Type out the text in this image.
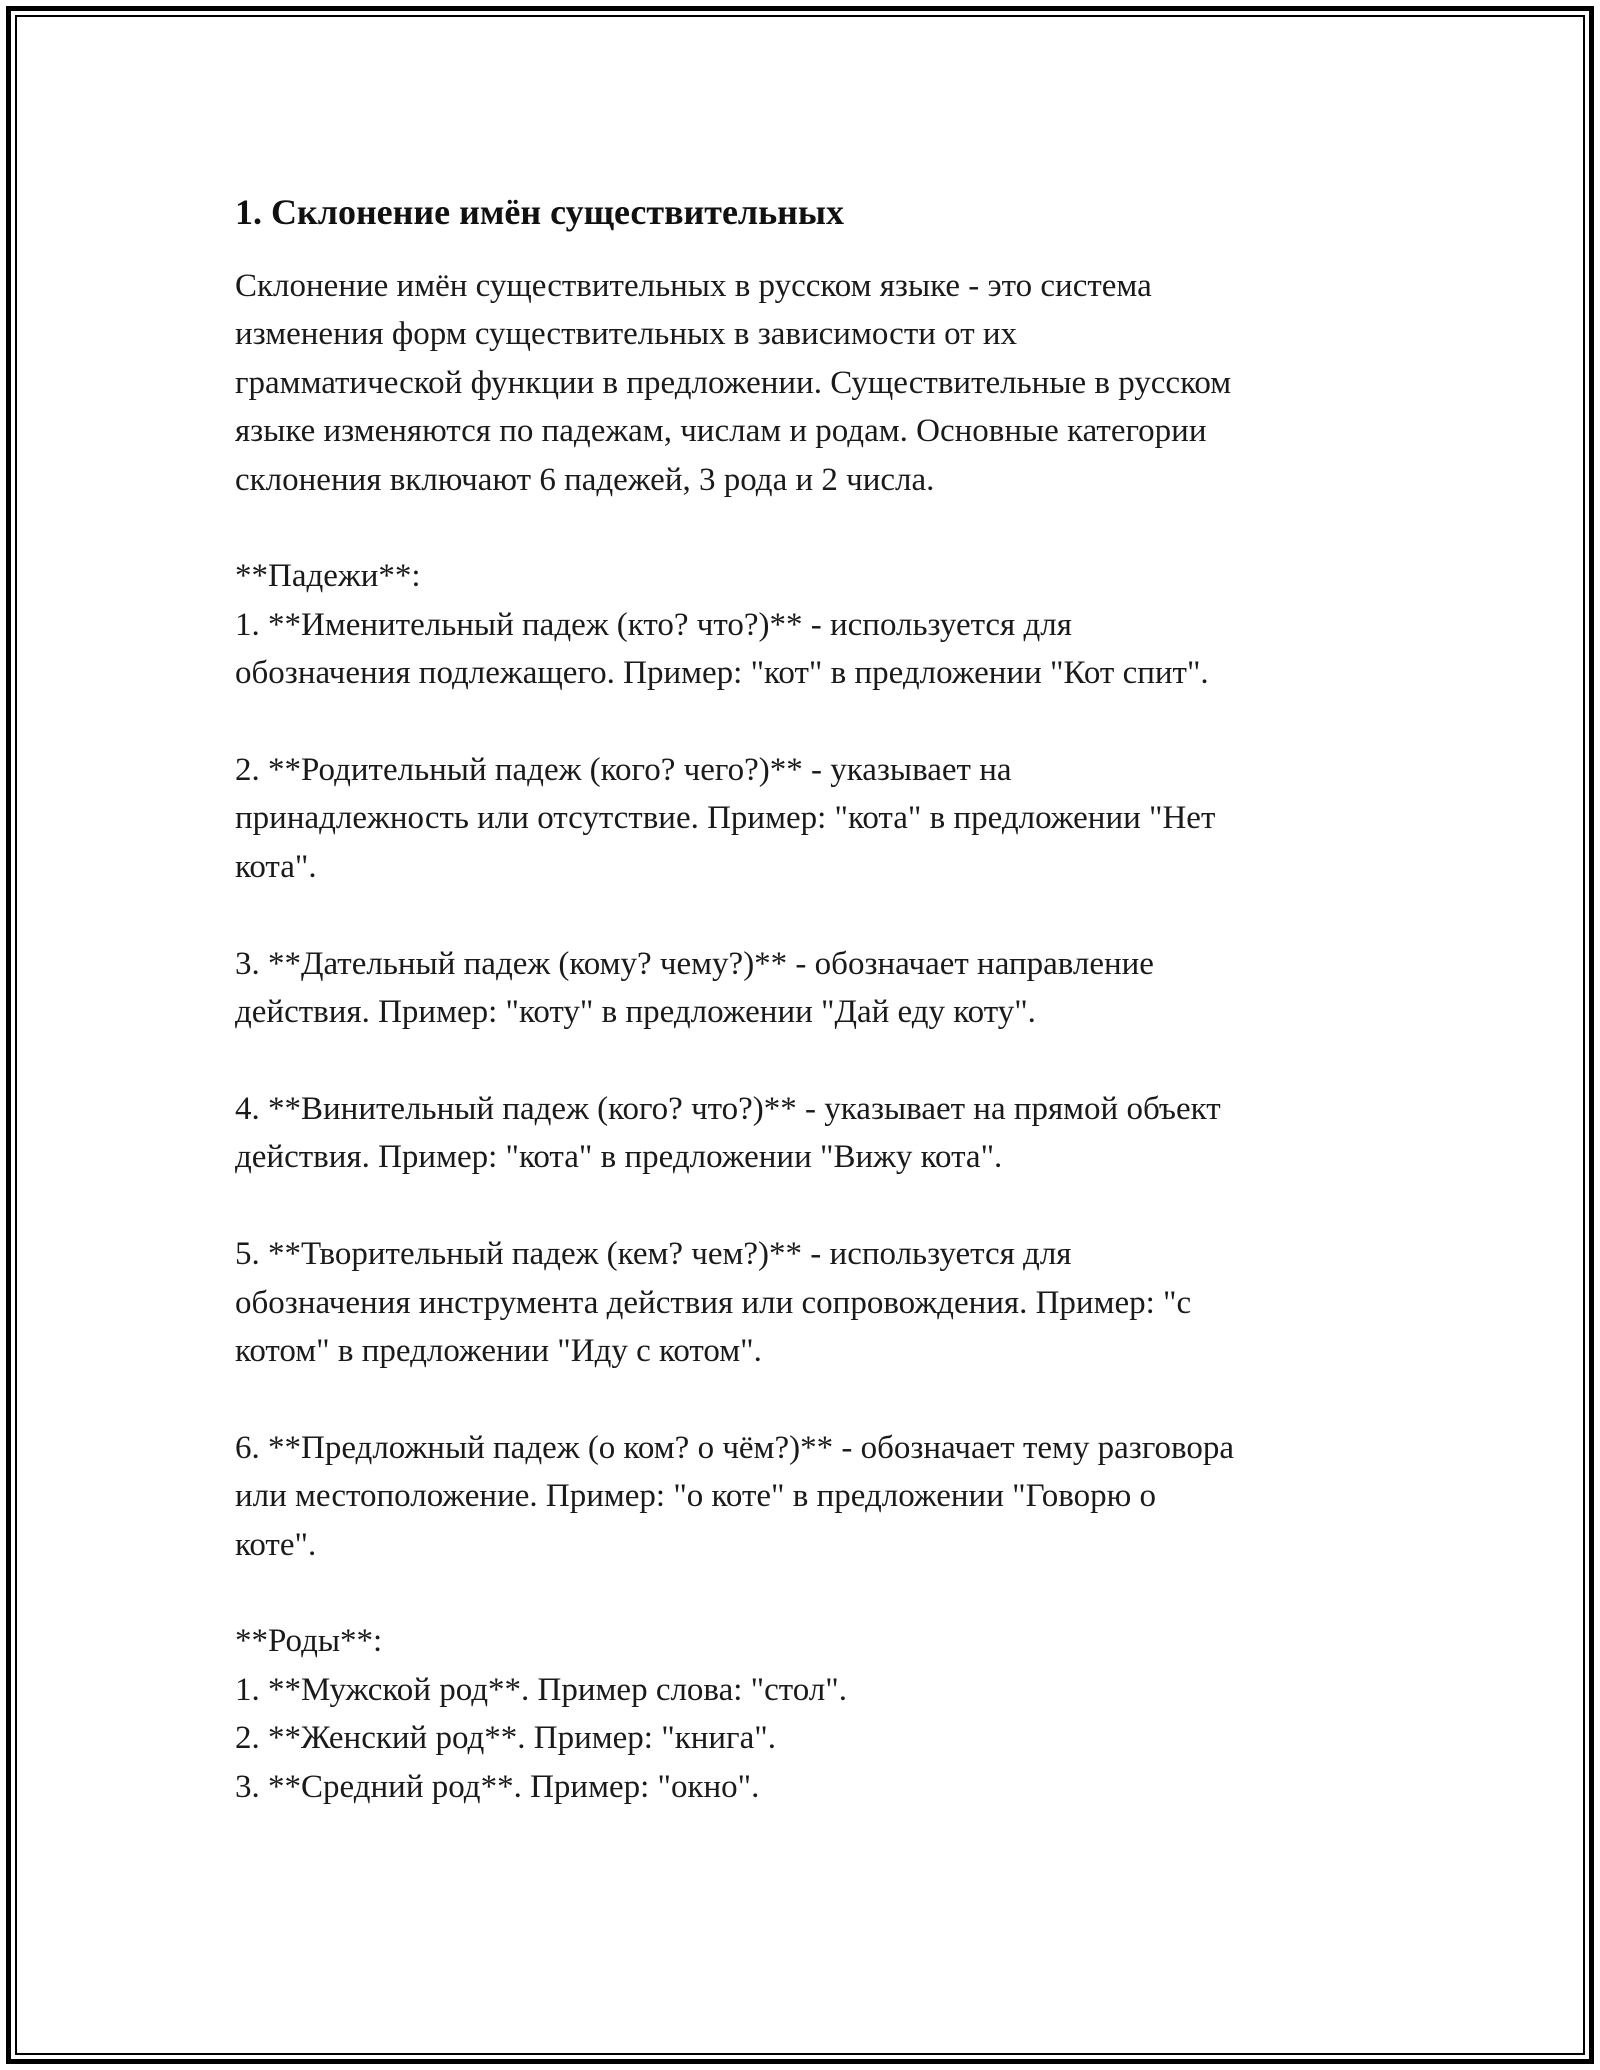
1. Склонение имён существительных
Склонение имён существительных в русском языке - это система
изменения форм существительных в зависимости от их
грамматической функции в предложении. Существительные в русском
языке изменяются по падежам, числам и родам. Основные категории
склонения включают 6 падежей, 3 рода и 2 числа.

**Падежи**:
1. **Именительный падеж (кто? что?)** - используется для
обозначения подлежащего. Пример: "кот" в предложении "Кот спит".

2. **Родительный падеж (кого? чего?)** - указывает на
принадлежность или отсутствие. Пример: "кота" в предложении "Нет
кота".

3. **Дательный падеж (кому? чему?)** - обозначает направление
действия. Пример: "коту" в предложении "Дай еду коту".

4. **Винительный падеж (кого? что?)** - указывает на прямой объект
действия. Пример: "кота" в предложении "Вижу кота".

5. **Творительный падеж (кем? чем?)** - используется для
обозначения инструмента действия или сопровождения. Пример: "с
котом" в предложении "Иду с котом".

6. **Предложный падеж (о ком? о чём?)** - обозначает тему разговора
или местоположение. Пример: "о коте" в предложении "Говорю о
коте".

**Роды**:
1. **Мужской род**. Пример слова: "стол".
2. **Женский род**. Пример: "книга".
3. **Средний род**. Пример: "окно".
